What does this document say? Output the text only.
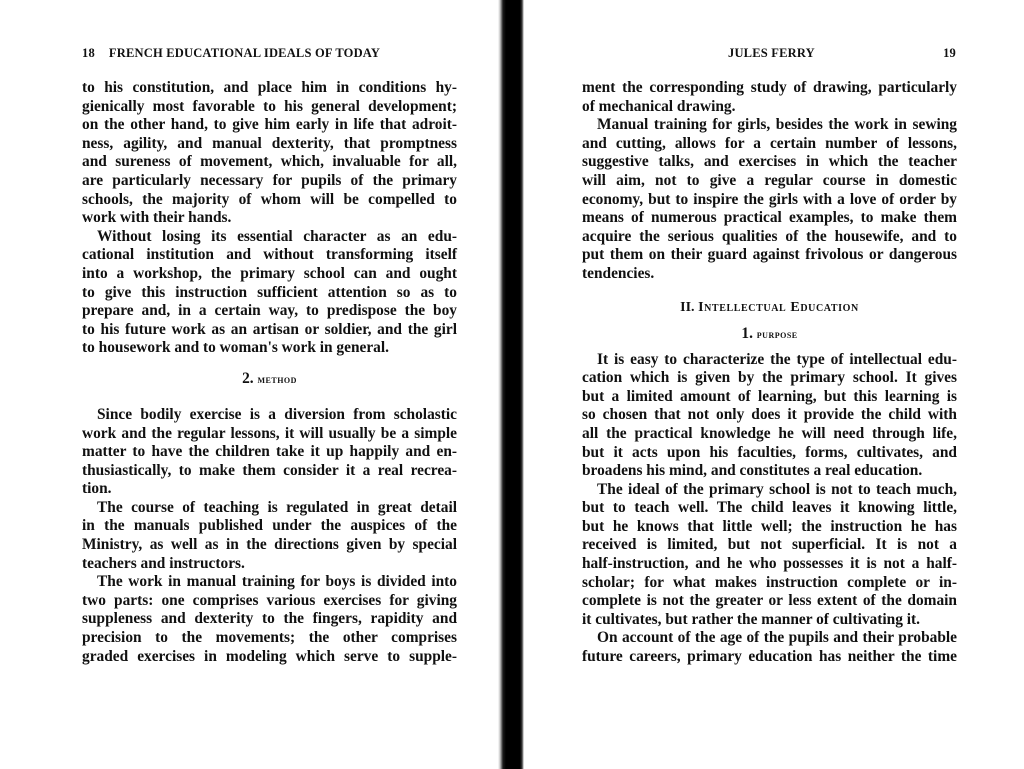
18 FRENCH EDUCATIONAL IDEALS OF TODAY
to his constitution, and place him in conditions hy-
gienically most favorable to his general development;
on the other hand, to give him early in life that adroit-
ness, agility, and manual dexterity, that promptness
and sureness of movement, which, invaluable for all,
are particularly necessary for pupils of the primary
schools, the majority of whom will be compelled to
work with their hands.
Without losing its essential character as an edu-
cational institution and without transforming itself
into a workshop, the primary school can and ought
to give this instruction sufficient attention so as to
prepare and, in a certain way, to predispose the boy
to his future work as an artisan or soldier, and the girl
to housework and to woman's work in general.
2. method
Since bodily exercise is a diversion from scholastic
work and the regular lessons, it will usually be a simple
matter to have the children take it up happily and en-
thusiastically, to make them consider it a real recrea-
tion.
The course of teaching is regulated in great detail
in the manuals published under the auspices of the
Ministry, as well as in the directions given by special
teachers and instructors.
The work in manual training for boys is divided into
two parts: one comprises various exercises for giving
suppleness and dexterity to the fingers, rapidity and
precision to the movements; the other comprises
graded exercises in modeling which serve to supple-
JULES FERRY	19
ment the corresponding study of drawing, particularly
of mechanical drawing.
Manual training for girls, besides the work in sewing
and cutting, allows for a certain number of lessons,
suggestive talks, and exercises in which the teacher
will aim, not to give a regular course in domestic
economy, but to inspire the girls with a love of order by
means of numerous practical examples, to make them
acquire the serious qualities of the housewife, and to
put them on their guard against frivolous or dangerous
tendencies.
II. Intellectual Education
1. purpose
It is easy to characterize the type of intellectual edu-
cation which is given by the primary school. It gives
but a limited amount of learning, but this learning is
so chosen that not only does it provide the child with
all the practical knowledge he will need through life,
but it acts upon his faculties, forms, cultivates, and
broadens his mind, and constitutes a real education.
The ideal of the primary school is not to teach much,
but to teach well. The child leaves it knowing little,
but he knows that little well; the instruction he has
received is limited, but not superficial. It is not a
half-instruction, and he who possesses it is not a half-
scholar; for what makes instruction complete or in-
complete is not the greater or less extent of the domain
it cultivates, but rather the manner of cultivating it.
On account of the age of the pupils and their probable
future careers, primary education has neither the time
